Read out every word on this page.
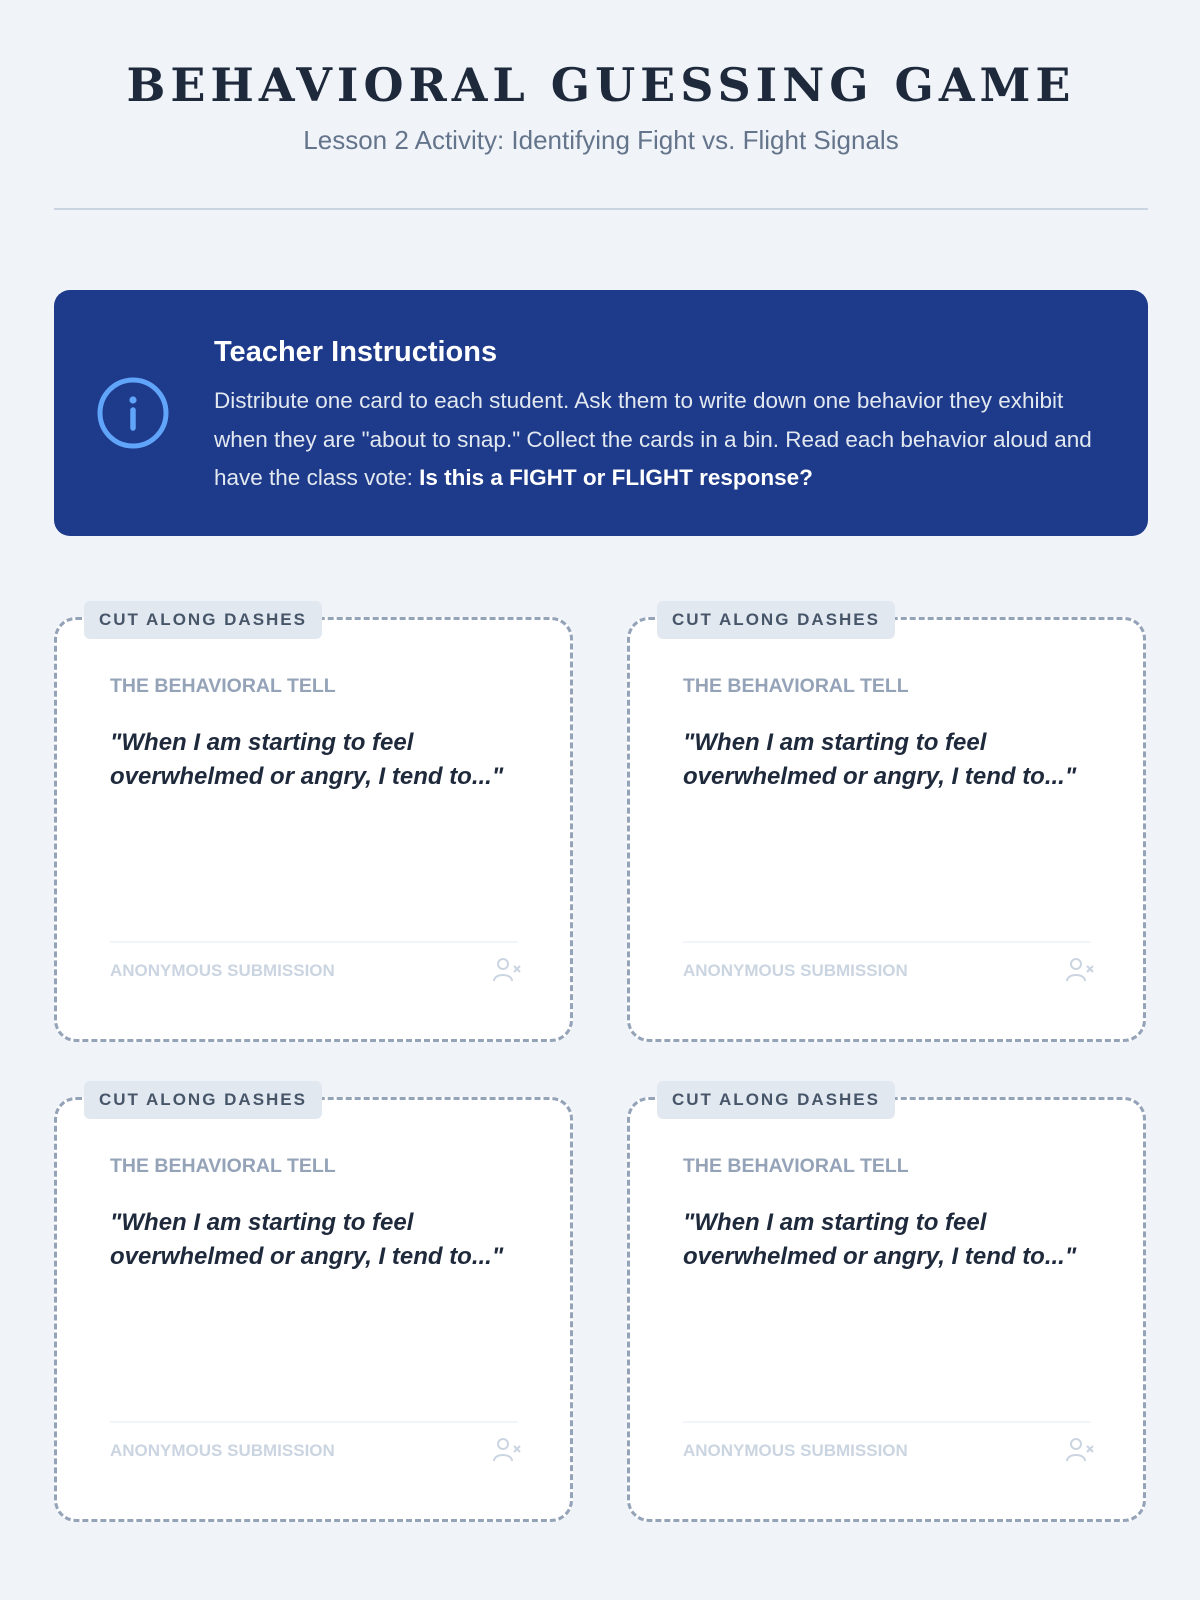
BEHAVIORAL GUESSING GAME
Lesson 2 Activity: Identifying Fight vs. Flight Signals
Teacher Instructions

Distribute one card to each student. Ask them to write down one behavior they exhibit when they are "about to snap." Collect the cards in a bin. Read each behavior aloud and have the class vote: Is this a FIGHT or FLIGHT response?

CUT ALONG DASHES
THE BEHAVIORAL TELL
"When I am starting to feel overwhelmed or angry, I tend to..."
ANONYMOUS SUBMISSION
CUT ALONG DASHES
THE BEHAVIORAL TELL
"When I am starting to feel overwhelmed or angry, I tend to..."
ANONYMOUS SUBMISSION
CUT ALONG DASHES
THE BEHAVIORAL TELL
"When I am starting to feel overwhelmed or angry, I tend to..."
ANONYMOUS SUBMISSION
CUT ALONG DASHES
THE BEHAVIORAL TELL
"When I am starting to feel overwhelmed or angry, I tend to..."
ANONYMOUS SUBMISSION
